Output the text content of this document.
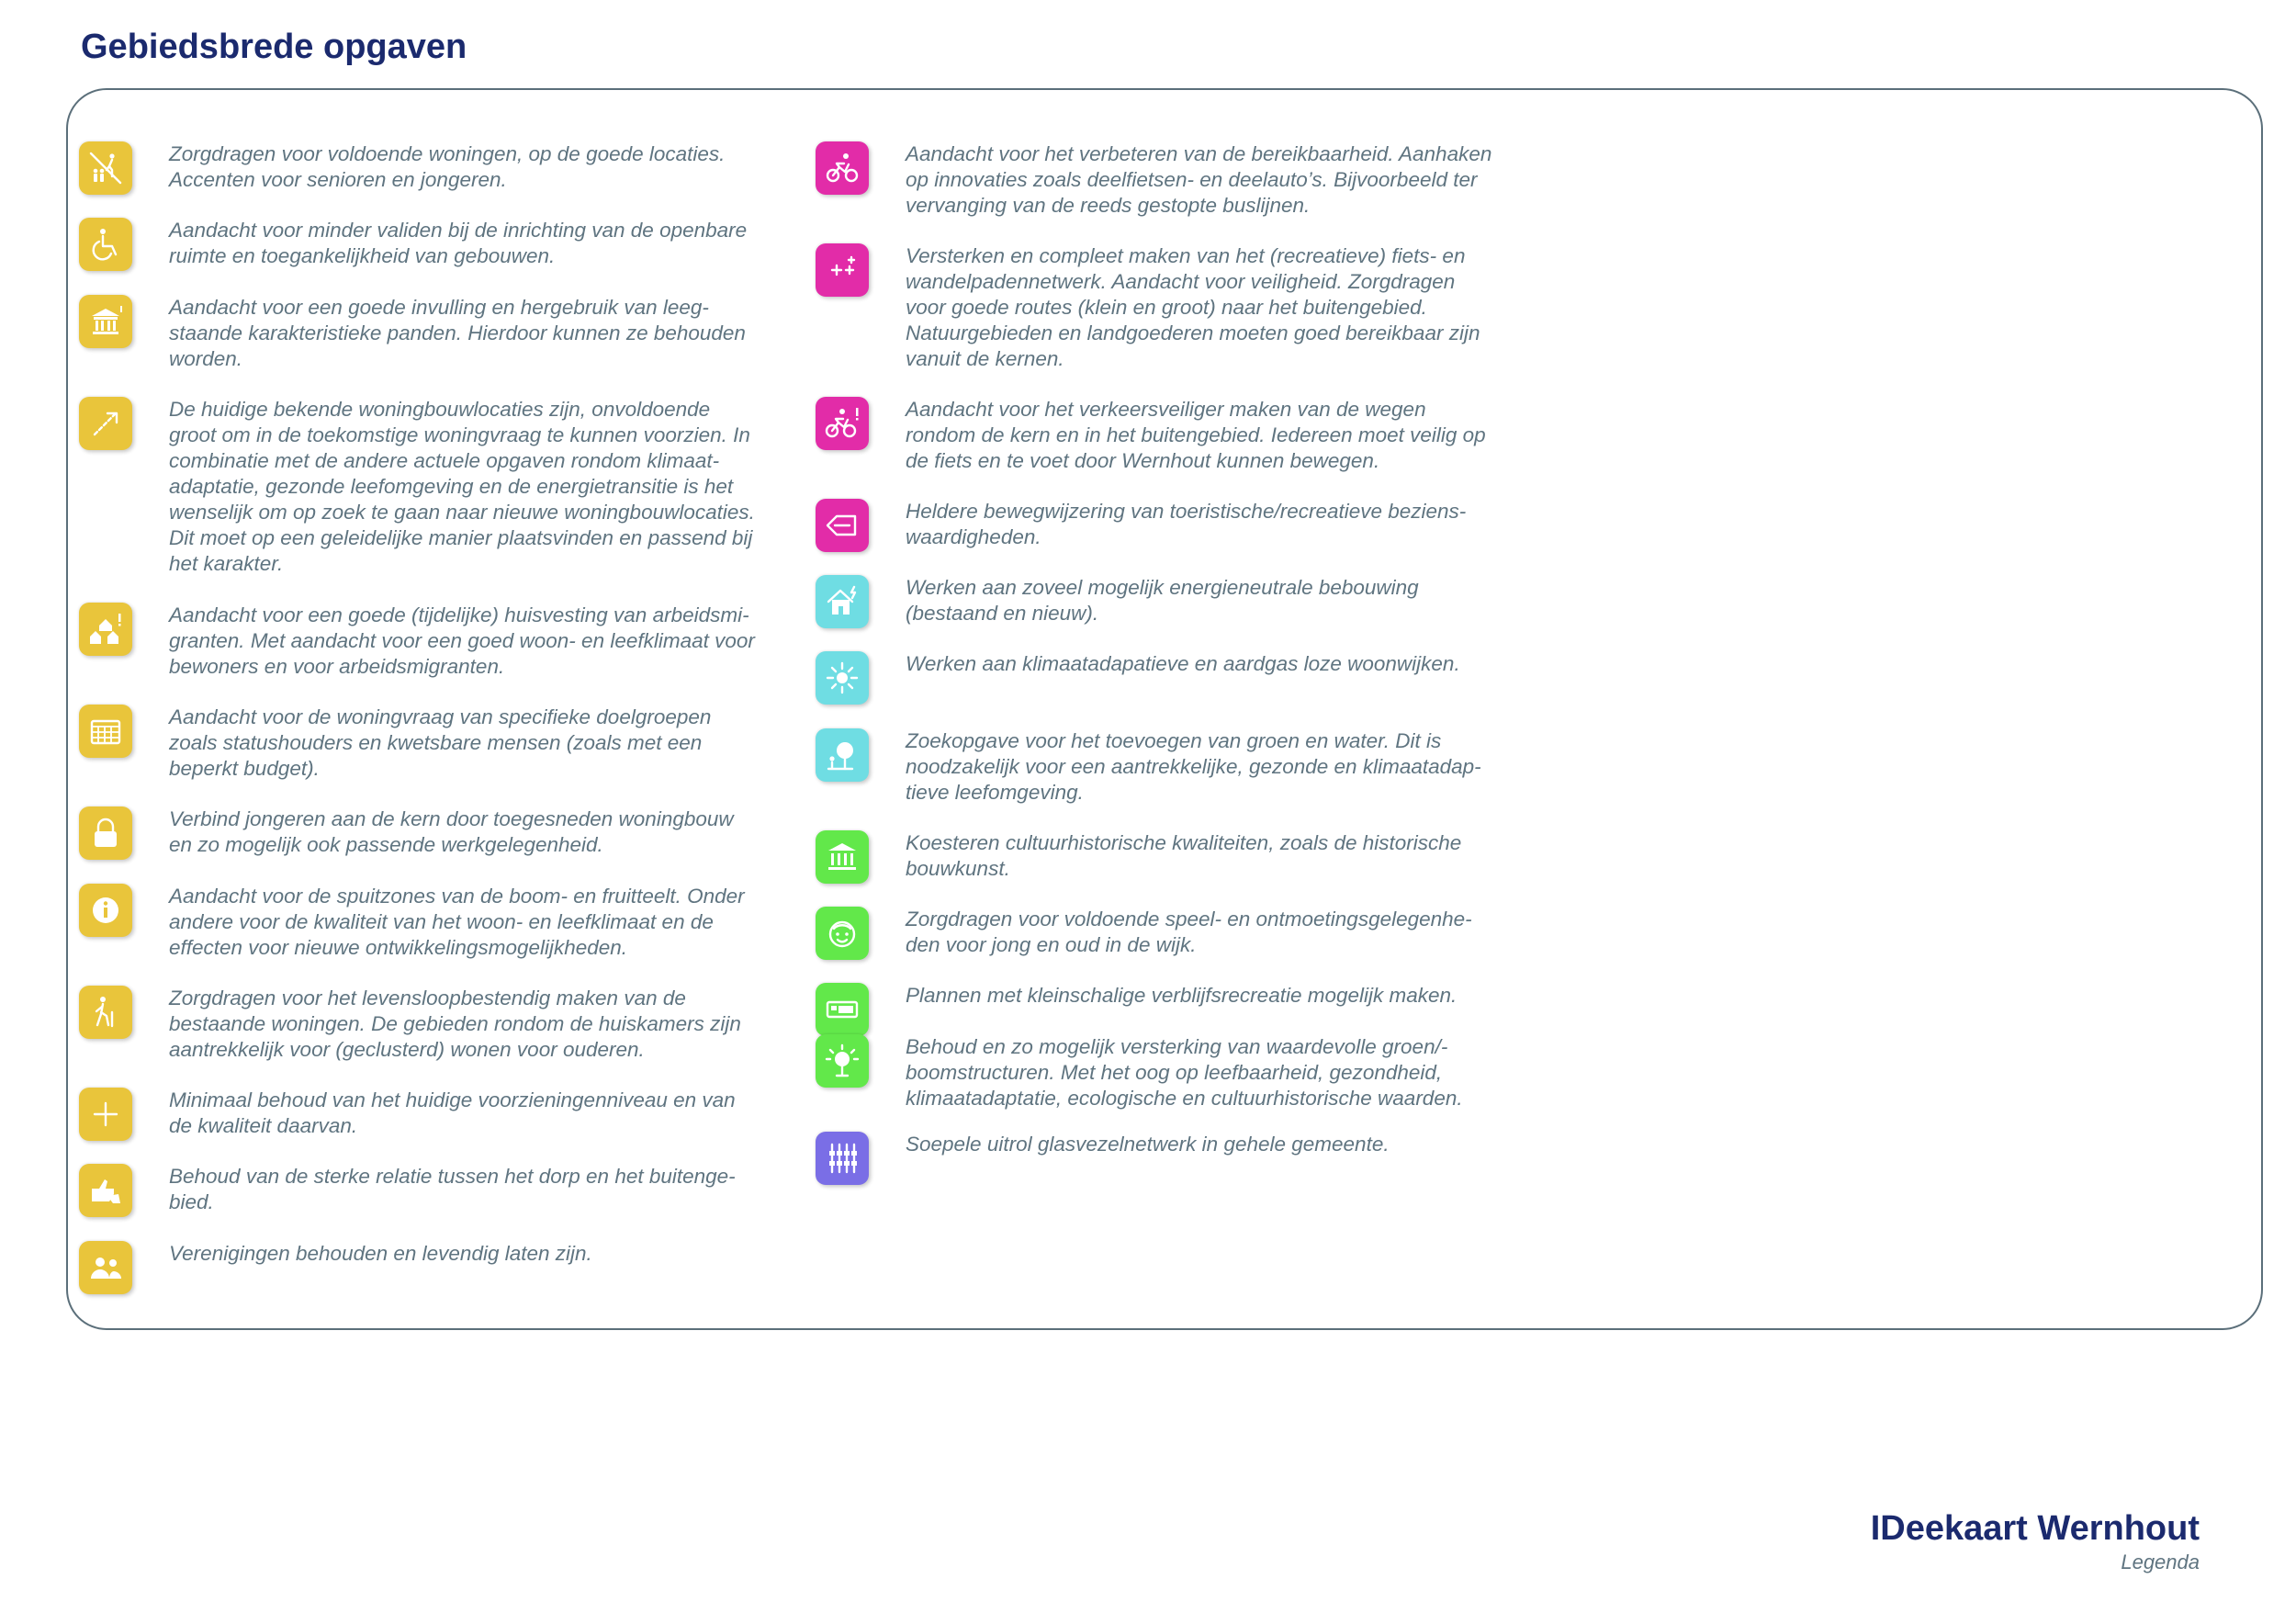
Gebiedsbrede opgaven

Zorgdragen voor voldoende woningen, op de goede locaties.
Accenten voor senioren en jongeren.

Aandacht voor minder validen bij de inrichting van de openbare
ruimte en toegankelijkheid van gebouwen.

Aandacht voor een goede invulling en hergebruik van leeg-
staande karakteristieke panden. Hierdoor kunnen ze behouden
worden.

De huidige bekende woningbouwlocaties zijn, onvoldoende
groot om in de toekomstige woningvraag te kunnen voorzien. In
combinatie met de andere actuele opgaven rondom klimaat-
adaptatie, gezonde leefomgeving en de energietransitie is het
wenselijk om op zoek te gaan naar nieuwe woningbouwlocaties.
Dit moet op een geleidelijke manier plaatsvinden en passend bij
het karakter.

Aandacht voor een goede (tijdelijke) huisvesting van arbeidsmi-
granten. Met aandacht voor een goed woon- en leefklimaat voor
bewoners en voor arbeidsmigranten.

Aandacht voor de woningvraag van specifieke doelgroepen
zoals statushouders en kwetsbare mensen (zoals met een
beperkt budget).

Verbind jongeren aan de kern door toegesneden woningbouw
en zo mogelijk ook passende werkgelegenheid.

Aandacht voor de spuitzones van de boom- en fruitteelt. Onder
andere voor de kwaliteit van het woon- en leefklimaat en de
effecten voor nieuwe ontwikkelingsmogelijkheden.

Zorgdragen voor het levensloopbestendig maken van de
bestaande woningen. De gebieden rondom de huiskamers zijn
aantrekkelijk voor (geclusterd) wonen voor ouderen.

Minimaal behoud van het huidige voorzieningenniveau en van
de kwaliteit daarvan.

Behoud van de sterke relatie tussen het dorp en het buitenge-
bied.

Verenigingen behouden en levendig laten zijn.

Aandacht voor het verbeteren van de bereikbaarheid. Aanhaken
op innovaties zoals deelfietsen- en deelauto’s. Bijvoorbeeld ter
vervanging van de reeds gestopte buslijnen.

Versterken en compleet maken van het (recreatieve) fiets- en
wandelpadennetwerk. Aandacht voor veiligheid. Zorgdragen
voor goede routes (klein en groot) naar het buitengebied.
Natuurgebieden en landgoederen moeten goed bereikbaar zijn
vanuit de kernen.

Aandacht voor het verkeersveiliger maken van de wegen
rondom de kern en in het buitengebied. Iedereen moet veilig op
de fiets en te voet door Wernhout kunnen bewegen.

Heldere bewegwijzering van toeristische/recreatieve beziens-
waardigheden.

Werken aan zoveel mogelijk energieneutrale bebouwing
(bestaand en nieuw).

Werken aan klimaatadapatieve en aardgas loze woonwijken.

Zoekopgave voor het toevoegen van groen en water. Dit is
noodzakelijk voor een aantrekkelijke, gezonde en klimaatadap-
tieve leefomgeving.

Koesteren cultuurhistorische kwaliteiten, zoals de historische
bouwkunst.

Zorgdragen voor voldoende speel- en ontmoetingsgelegenhe-
den voor jong en oud in de wijk.

Plannen met kleinschalige verblijfsrecreatie mogelijk maken.

Behoud en zo mogelijk versterking van waardevolle groen/-
boomstructuren. Met het oog op leefbaarheid, gezondheid,
klimaatadaptatie, ecologische en cultuurhistorische waarden.

Soepele uitrol glasvezelnetwerk in gehele gemeente.

IDeekaart Wernhout
Legenda
